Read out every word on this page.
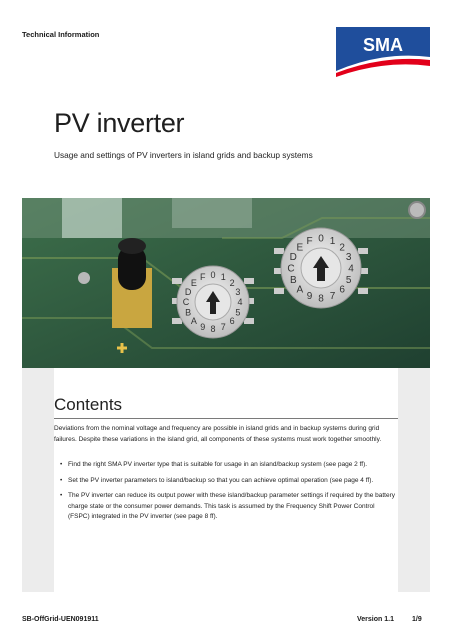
Technical Information
SMA
PV inverter
Usage and settings of PV inverters in island grids and backup systems
0 1
2
3
4
5
6
7
8
9
A
B
C
D
E
F
0 1
2
3
4
5
6
7
8
9
A
B
C
D
E
F
Contents
Deviations from the nominal voltage and frequency are possible in island grids and in backup systems during grid failures. Despite these variations in the island grid, all components of these systems must work together smoothly.
• Find the right SMA PV inverter type that is suitable for usage in an island/backup system (see page 2 ff).
• Set the PV inverter parameters to island/backup so that you can achieve optimal operation (see page 4 ff).
• The PV inverter can reduce its output power with these island/backup parameter settings if required by the battery charge state or the consumer power demands. This task is assumed by the Frequency Shift Power Control (FSPC) integrated in the PV inverter (see page 8 ff).
SB-OffGrid-UEN091911	Version 1.1	1/9
